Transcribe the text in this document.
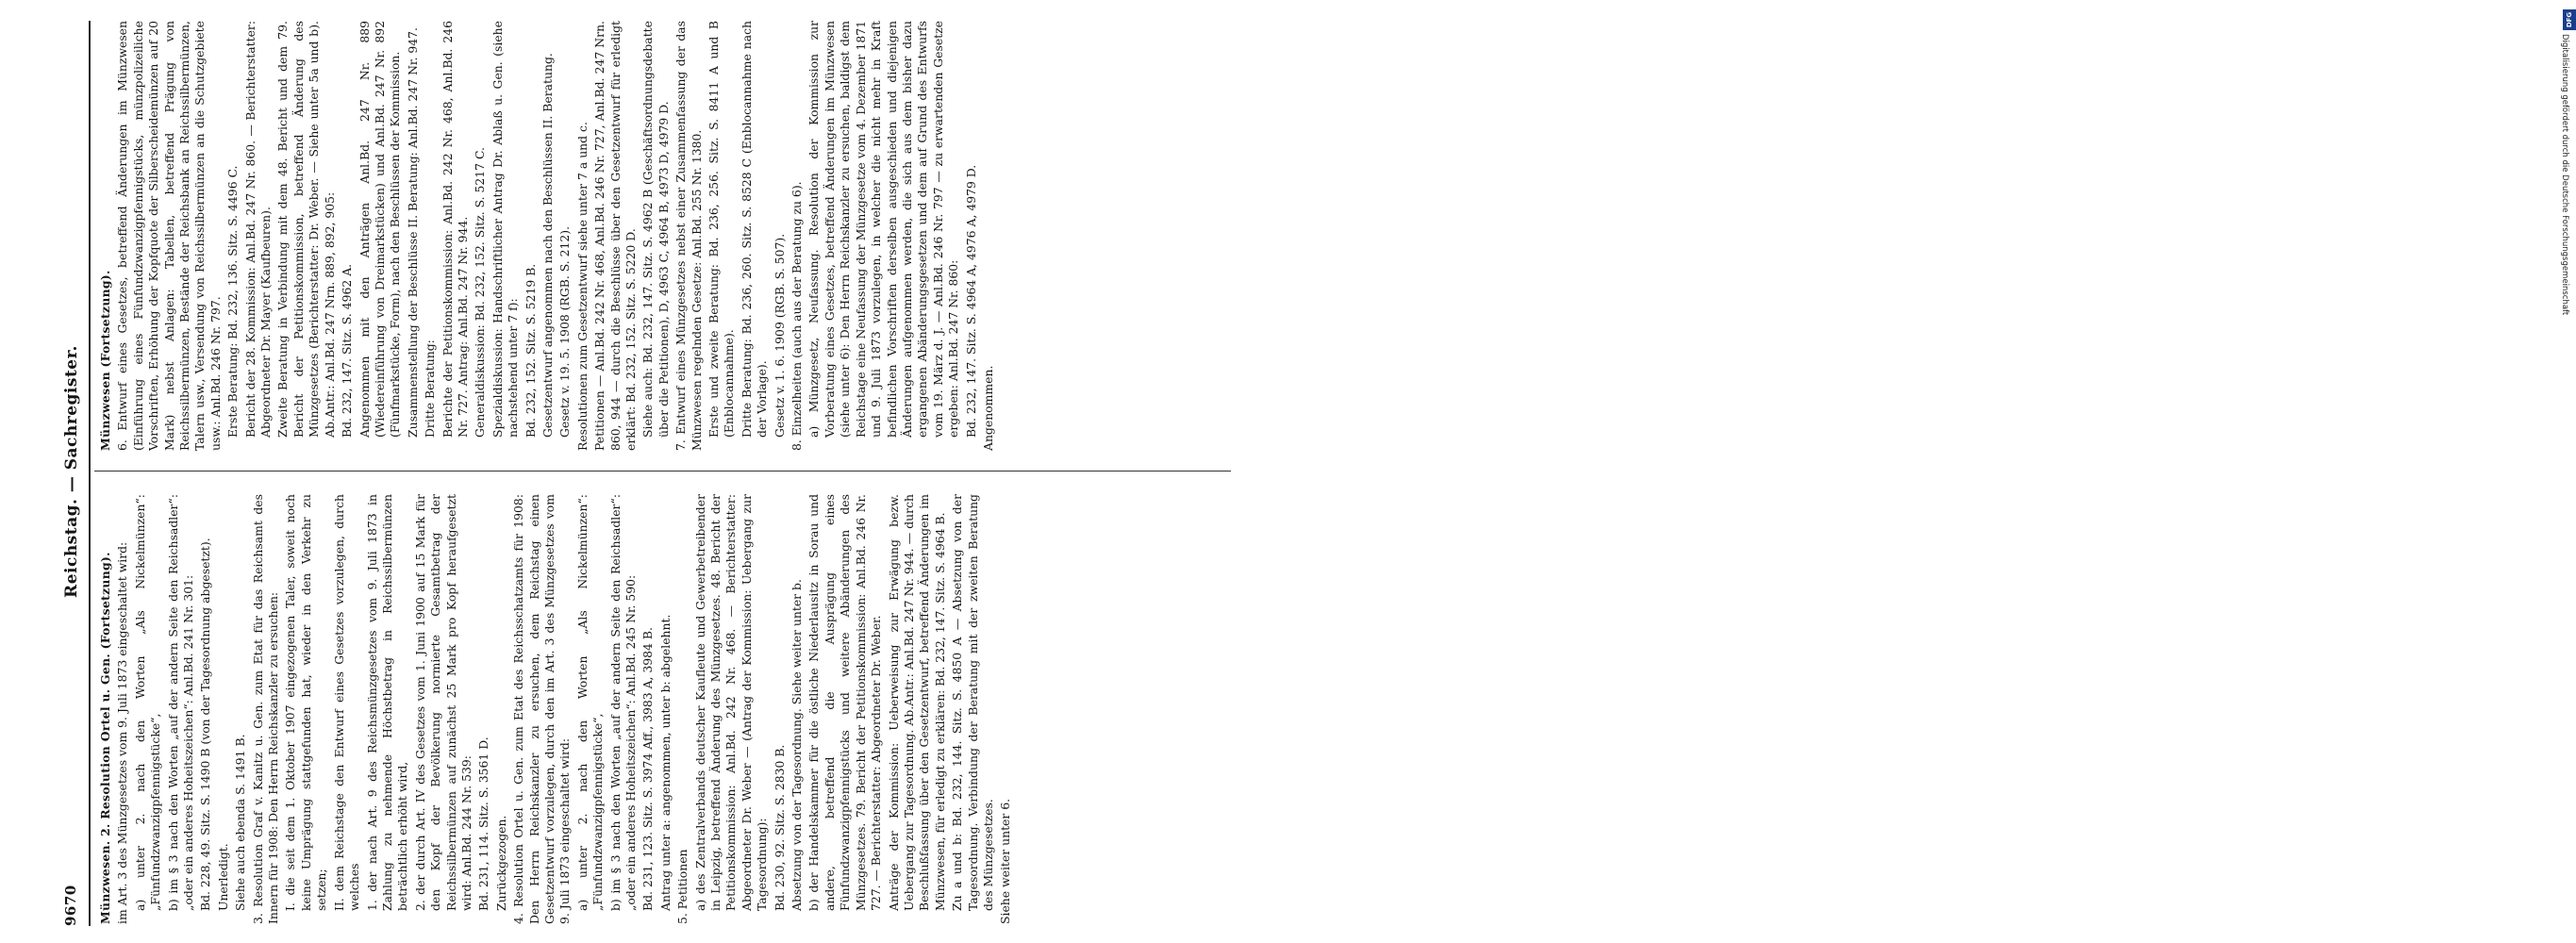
9670
Reichstag. — Sachregister.

Münzwesen. 2. Resolution Ortel u. Gen. (Fortsetzung). im Art. 3 des Münzgesetzes vom 9. Juli 1873 eingeschaltet wird: a) unter 2. nach den Worten „Als Nickelmünzen“: „Fünfundzwanzigpfennigstücke“, b) im § 3 nach den Worten „auf der andern Seite den Reichsadler“: „oder ein anderes Hoheitszeichen“: Anl.Bd. 241 Nr. 301: Bd. 228, 49. Sitz. S. 1490 B (von der Tagesordnung abgesetzt). Unerledigt. Siehe auch ebenda S. 1491 B. 3. Resolution Graf v. Kanitz u. Gen. zum Etat für das Reichsamt des Innern für 1908: Den Herrn Reichskanzler zu ersuchen: I. die seit dem 1. Oktober 1907 eingezogenen Taler, soweit noch keine Umprägung stattgefunden hat, wieder in den Verkehr zu setzen; II. dem Reichstage den Entwurf eines Gesetzes vorzulegen, durch welches 1. der nach Art. 9 des Reichsmünzgesetzes vom 9. Juli 1873 in Zahlung zu nehmende Höchstbetrag in Reichssilbermünzen beträchtlich erhöht wird, 2. der durch Art. IV des Gesetzes vom 1. Juni 1900 auf 15 Mark für den Kopf der Bevölkerung normierte Gesamtbetrag der Reichssilbermünzen auf zunächst 25 Mark pro Kopf heraufgesetzt wird: Anl.Bd. 244 Nr. 539: Bd. 231, 114. Sitz. S. 3561 D. Zurückgezogen. 4. Resolution Ortel u. Gen. zum Etat des Reichsschatzamts für 1908: Den Herrn Reichskanzler zu ersuchen, dem Reichstag einen Gesetzentwurf vorzulegen, durch den im Art. 3 des Münzgesetzes vom 9. Juli 1873 eingeschaltet wird: a) unter 2. nach den Worten „Als Nickelmünzen“: „Fünfundzwanzigpfennigstücke“, b) im § 3 nach den Worten „auf der andern Seite den Reichsadler“: „oder ein anderes Hoheitszeichen“: Anl.Bd. 245 Nr. 590: Bd. 231, 123. Sitz. S. 3974 Aff., 3983 A, 3984 B. Antrag unter a: angenommen, unter b: abgelehnt. 5. Petitionen a) des Zentralverbands deutscher Kaufleute und Gewerbetreibender in Leipzig, betreffend Änderung des Münzgesetzes. 48. Bericht der Petitionskommission: Anl.Bd. 242 Nr. 468. — Berichterstatter: Abgeordneter Dr. Weber — (Antrag der Kommission: Uebergang zur Tagesordnung): Bd. 230, 92. Sitz. S. 2830 B. Absetzung von der Tagesordnung. Siehe weiter unter b. b) der Handelskammer für die östliche Niederlausitz in Sorau und andere, betreffend die Ausprägung eines Fünfundzwanzigpfennigstücks und weitere Abänderungen des Münzgesetzes. 79. Bericht der Petitionskommission: Anl.Bd. 246 Nr. 727. — Berichterstatter: Abgeordneter Dr. Weber. Anträge der Kommission: Ueberweisung zur Erwägung bezw. Uebergang zur Tagesordnung. Ab.Antr.: Anl.Bd. 247 Nr. 944. — durch Beschlußfassung über den Gesetzentwurf, betreffend Änderungen im Münzwesen, für erledigt zu erklären: Bd. 232, 147. Sitz. S. 4964 B. Zu a und b: Bd. 232, 144. Sitz. S. 4850 A — Absetzung von der Tagesordnung. Verbindung der Beratung mit der zweiten Beratung des Münzgesetzes. Siehe weiter unter 6.

Münzwesen (Fortsetzung). 6. Entwurf eines Gesetzes, betreffend Änderungen im Münzwesen (Einführung eines Fünfundzwanzigpfennigstücks, münzpolizeiliche Vorschriften, Erhöhung der Kopfquote der Silberscheidemünzen auf 20 Mark) nebst Anlagen: Tabellen, betreffend Prägung von Reichssilbermünzen, Bestände der Reichsbank an Reichssilbermünzen, Talern usw., Versendung von Reichssilbermünzen an die Schutzgebiete usw.: Anl.Bd. 246 Nr. 797. Erste Beratung: Bd. 232, 136. Sitz. S. 4496 C. Bericht der 28. Kommission: Anl.Bd. 247 Nr. 860. — Berichterstatter: Abgeordneter Dr. Mayer (Kaufbeuren). Zweite Beratung in Verbindung mit dem 48. Bericht und dem 79. Bericht der Petitionskommission, betreffend Änderung des Münzgesetzes (Berichterstatter: Dr. Weber. — Siehe unter 5a und b). Ab.Antr.: Anl.Bd. 247 Nrn. 889, 892, 905: Bd. 232, 147. Sitz. S. 4962 A. Angenommen mit den Anträgen Anl.Bd. 247 Nr. 889 (Wiedereinführung von Dreimarkstücken) und Anl.Bd. 247 Nr. 892 (Fünfmarkstücke, Form), nach den Beschlüssen der Kommission. Zusammenstellung der Beschlüsse II. Beratung: Anl.Bd. 247 Nr. 947. Dritte Beratung: Berichte der Petitionskommission: Anl.Bd. 242 Nr. 468, Anl.Bd. 246 Nr. 727. Antrag: Anl.Bd. 247 Nr. 944. Generaldiskussion: Bd. 232, 152. Sitz. S. 5217 C. Spezialdiskussion: Handschriftlicher Antrag Dr. Ablaß u. Gen. (siehe nachstehend unter 7 f): Bd. 232, 152. Sitz. S. 5219 B. Gesetzentwurf angenommen nach den Beschlüssen II. Beratung. Gesetz v. 19. 5. 1908 (RGB. S. 212). Resolutionen zum Gesetzentwurf siehe unter 7 a und c. Petitionen — Anl.Bd. 242 Nr. 468, Anl.Bd. 246 Nr. 727, Anl.Bd. 247 Nrn. 860, 944 — durch die Beschlüsse über den Gesetzentwurf für erledigt erklärt: Bd. 232, 152. Sitz. S. 5220 D. Siehe auch: Bd. 232, 147. Sitz. S. 4962 B (Geschäftsordnungsdebatte über die Petitionen), D, 4963 C, 4964 B, 4973 D, 4979 D. 7. Entwurf eines Münzgesetzes nebst einer Zusammenfassung der das Münzwesen regelnden Gesetze: Anl.Bd. 255 Nr. 1380. Erste und zweite Beratung: Bd. 236, 256. Sitz. S. 8411 A und B (Enblocannahme). Dritte Beratung: Bd. 236, 260. Sitz. S. 8528 C (Enblocannahme nach der Vorlage). Gesetz v. 1. 6. 1909 (RGB. S. 507). 8. Einzelheiten (auch aus der Beratung zu 6). a) Münzgesetz, Neufassung. Resolution der Kommission zur Vorberatung eines Gesetzes, betreffend Änderungen im Münzwesen (siehe unter 6): Den Herrn Reichskanzler zu ersuchen, baldigst dem Reichstage eine Neufassung der Münzgesetze vom 4. Dezember 1871 und 9. Juli 1873 vorzulegen, in welcher die nicht mehr in Kraft befindlichen Vorschriften derselben ausgeschieden und diejenigen Änderungen aufgenommen werden, die sich aus dem bisher dazu ergangenen Abänderungsgesetzen und dem auf Grund des Entwurfs vom 19. März d. J. — Anl.Bd. 246 Nr. 797 — zu erwartenden Gesetze ergeben: Anl.Bd. 247 Nr. 860: Bd. 232, 147. Sitz. S. 4964 A, 4976 A, 4979 D. Angenommen.

DFG
Digitalisierung gefördert durch die Deutsche Forschungsgemeinschaft
